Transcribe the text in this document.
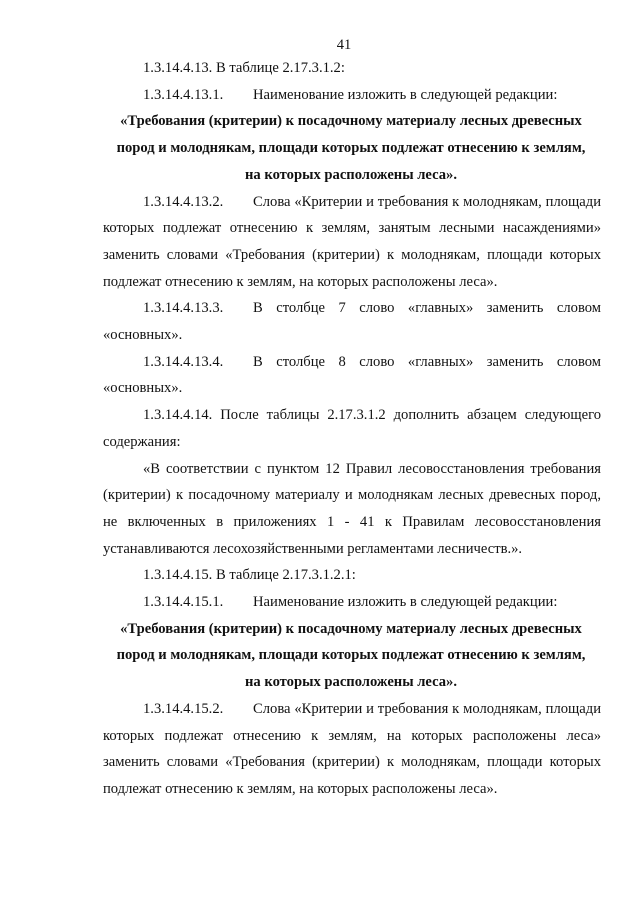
41

1.3.14.4.13. В таблице 2.17.3.1.2:

1.3.14.4.13.1. Наименование изложить в следующей редакции:

«Требования (критерии) к посадочному материалу лесных древесных
пород и молоднякам, площади которых подлежат отнесению к землям,
на которых расположены леса».

1.3.14.4.13.2. Слова «Критерии и требования к молоднякам, площади которых подлежат отнесению к землям, занятым лесными насаждениями» заменить словами «Требования (критерии) к молоднякам, площади которых подлежат отнесению к землям, на которых расположены леса».

1.3.14.4.13.3. В столбце 7 слово «главных» заменить словом «основных».

1.3.14.4.13.4. В столбце 8 слово «главных» заменить словом «основных».

1.3.14.4.14. После таблицы 2.17.3.1.2 дополнить абзацем следующего содержания:

«В соответствии с пунктом 12 Правил лесовосстановления требования (критерии) к посадочному материалу и молоднякам лесных древесных пород, не включенных в приложениях 1 - 41 к Правилам лесовосстановления устанавливаются лесохозяйственными регламентами лесничеств.».

1.3.14.4.15. В таблице 2.17.3.1.2.1:

1.3.14.4.15.1. Наименование изложить в следующей редакции:

«Требования (критерии) к посадочному материалу лесных древесных
пород и молоднякам, площади которых подлежат отнесению к землям,
на которых расположены леса».

1.3.14.4.15.2. Слова «Критерии и требования к молоднякам, площади которых подлежат отнесению к землям, на которых расположены леса» заменить словами «Требования (критерии) к молоднякам, площади которых подлежат отнесению к землям, на которых расположены леса».
